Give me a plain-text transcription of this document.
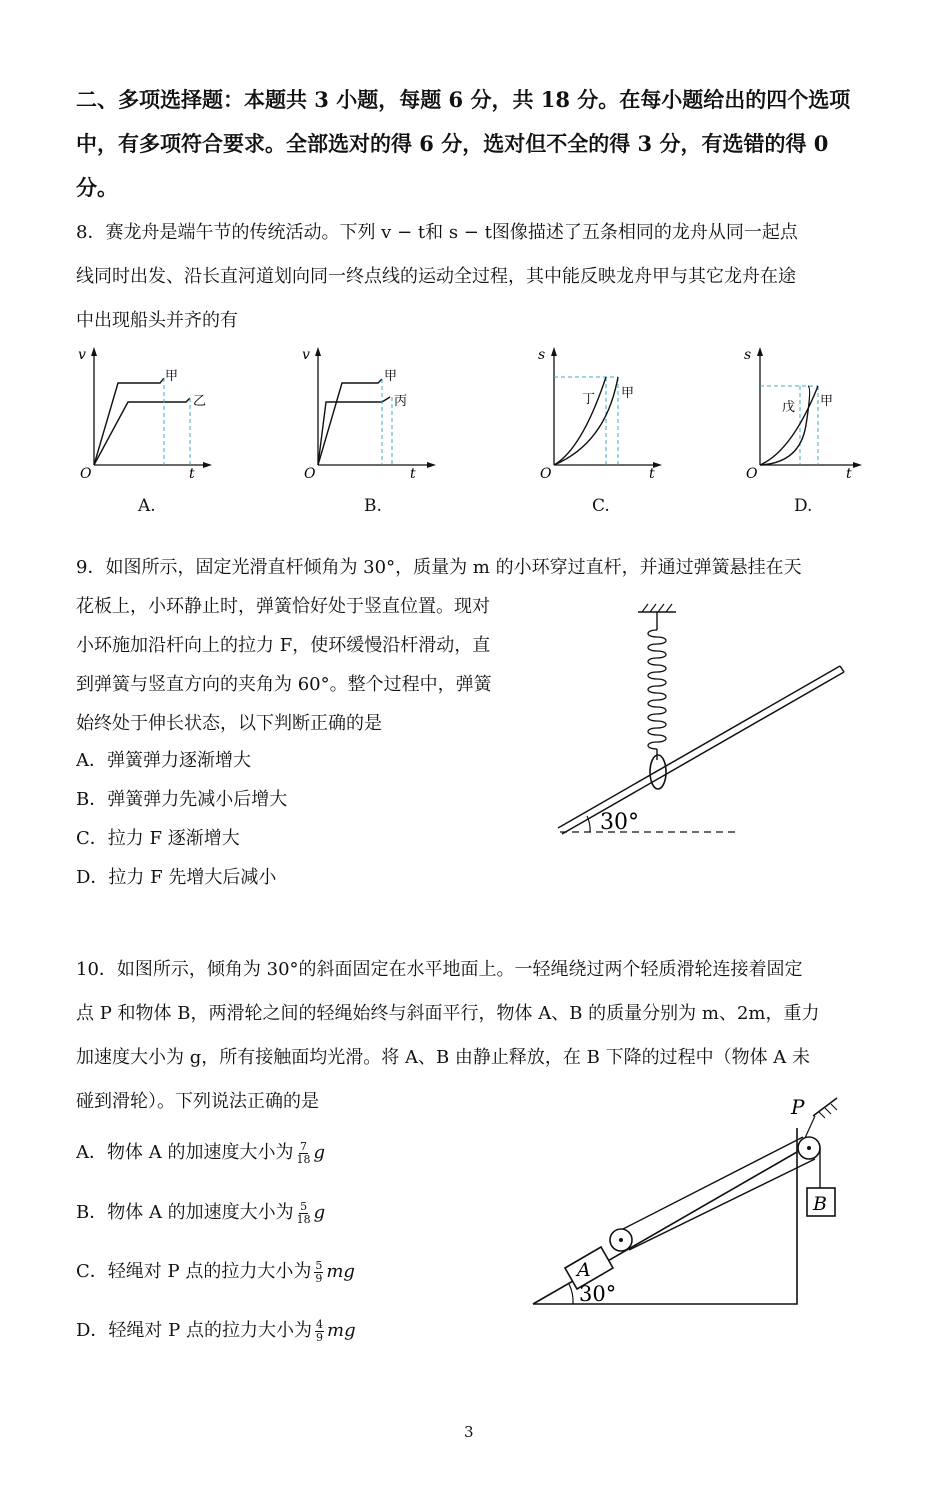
二、多项选择题：本题共 3 小题，每题 6 分，共 18 分。在每小题给出的四个选项中，有多项符合要求。全部选对的得 6 分，选对但不全的得 3 分，有选错的得 0 分。
8．赛龙舟是端午节的传统活动。下列 v − t和 s − t图像描述了五条相同的龙舟从同一起点
线同时出发、沿长直河道划向同一终点线的运动全过程，其中能反映龙舟甲与其它龙舟在途
中出现船头并齐的有
v
t
O
甲
乙
A.
v
t
O
甲
丙
B.
s
t
O
丁 甲
C.
s
t
O
戊 甲
D.
9．如图所示，固定光滑直杆倾角为 30°，质量为 m 的小环穿过直杆，并通过弹簧悬挂在天
花板上，小环静止时，弹簧恰好处于竖直位置。现对
小环施加沿杆向上的拉力 F，使环缓慢沿杆滑动，直
到弹簧与竖直方向的夹角为 60°。整个过程中，弹簧
始终处于伸长状态，以下判断正确的是
A．弹簧弹力逐渐增大
B．弹簧弹力先减小后增大
C．拉力 F 逐渐增大
D．拉力 F 先增大后减小
30°
10．如图所示，倾角为 30°的斜面固定在水平地面上。一轻绳绕过两个轻质滑轮连接着固定
点 P 和物体 B，两滑轮之间的轻绳始终与斜面平行，物体 A、B 的质量分别为 m、2m，重力
加速度大小为 g，所有接触面均光滑。将 A、B 由静止释放，在 B 下降的过程中（物体 A 未
碰到滑轮）。下列说法正确的是
A．物体 A 的加速度大小为 $\frac{7}{18}$ g
B．物体 A 的加速度大小为 $\frac{5}{18}$ g
C．轻绳对 P 点的拉力大小为 $\frac{5}{9}$ mg
D．轻绳对 P 点的拉力大小为 $\frac{4}{9}$ mg
P
B
A
30°
3
